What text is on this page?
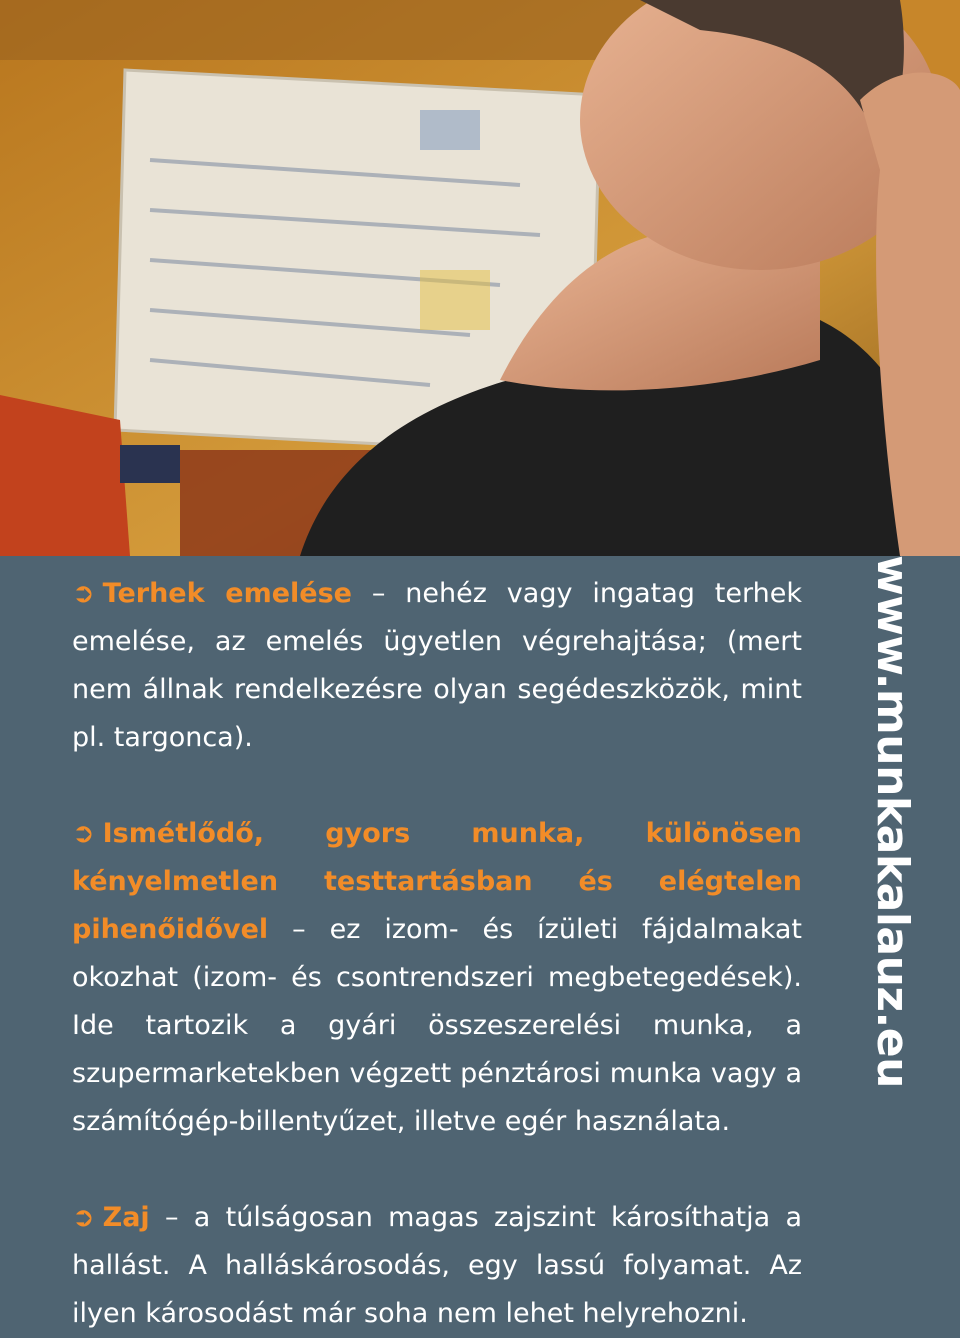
➲ Terhek emelése – nehéz vagy ingatag terhek emelése, az emelés ügyetlen végrehajtása; (mert nem állnak rendelkezésre olyan segédeszközök, mint pl. targonca).

➲ Ismétlődő, gyors munka, különösen kényelmetlen testtartásban és elégtelen pihenőidővel – ez izom- és ízületi fájdalmakat okozhat (izom- és csontrendszeri megbetegedések). Ide tartozik a gyári összeszerelési munka, a szupermarketekben végzett pénztárosi munka vagy a számítógép-billentyűzet, illetve egér használata.

➲ Zaj – a túlságosan magas zajszint károsíthatja a hallást. A halláskárosodás, egy lassú folyamat. Az ilyen károsodást már soha nem lehet helyrehozni.

www.munkakalauz.eu
